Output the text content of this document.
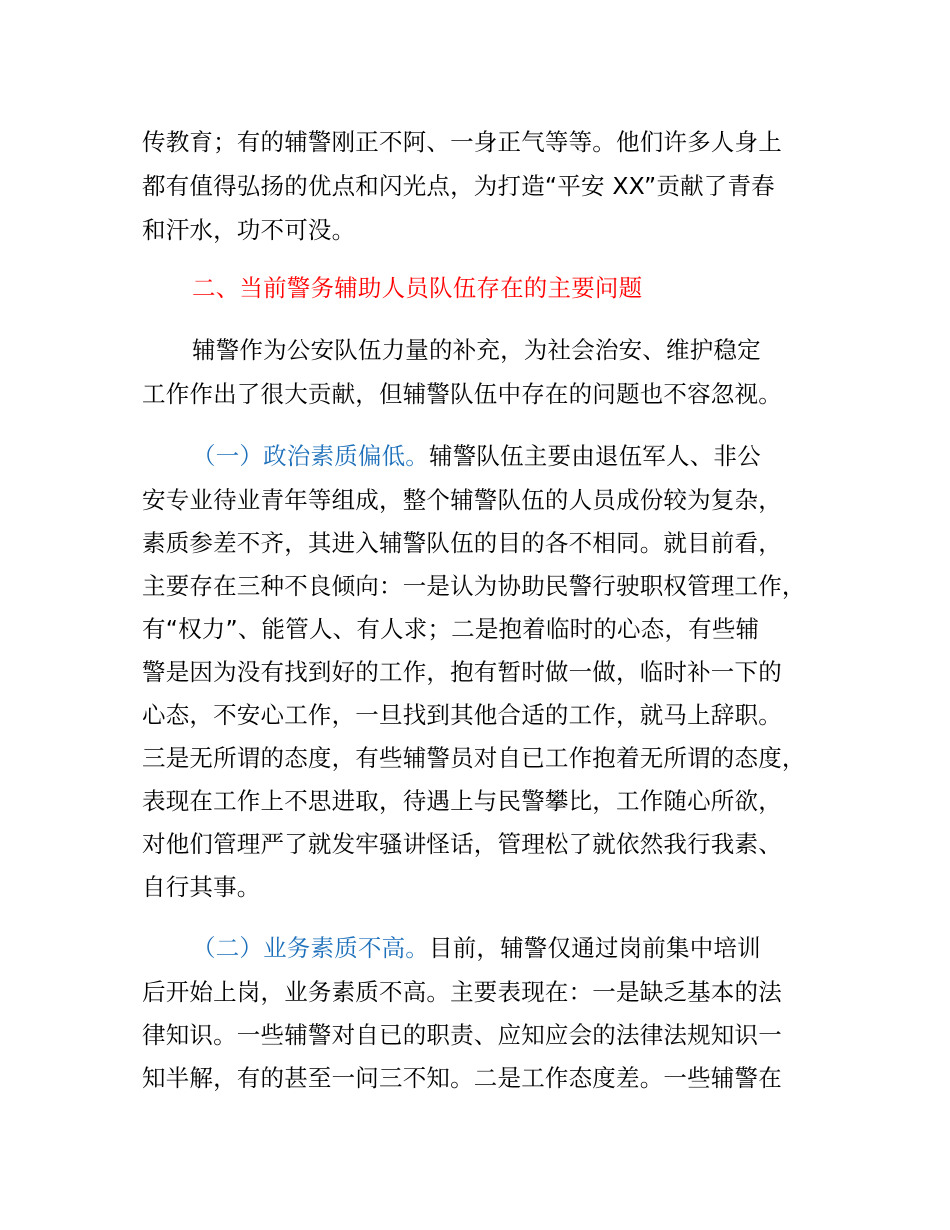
传教育；有的辅警刚正不阿、一身正气等等。他们许多人身上
都有值得弘扬的优点和闪光点，为打造“平安 XX”贡献了青春
和汗水，功不可没。
二、当前警务辅助人员队伍存在的主要问题
辅警作为公安队伍力量的补充，为社会治安、维护稳定
工作作出了很大贡献，但辅警队伍中存在的问题也不容忽视。
（一）政治素质偏低。辅警队伍主要由退伍军人、非公
安专业待业青年等组成，整个辅警队伍的人员成份较为复杂，
素质参差不齐，其进入辅警队伍的目的各不相同。就目前看，
主要存在三种不良倾向：一是认为协助民警行驶职权管理工作，
有“权力”、能管人、有人求；二是抱着临时的心态，有些辅
警是因为没有找到好的工作，抱有暂时做一做，临时补一下的
心态，不安心工作，一旦找到其他合适的工作，就马上辞职。
三是无所谓的态度，有些辅警员对自已工作抱着无所谓的态度，
表现在工作上不思进取，待遇上与民警攀比，工作随心所欲，
对他们管理严了就发牢骚讲怪话，管理松了就依然我行我素、
自行其事。
（二）业务素质不高。目前，辅警仅通过岗前集中培训
后开始上岗，业务素质不高。主要表现在：一是缺乏基本的法
律知识。一些辅警对自已的职责、应知应会的法律法规知识一
知半解，有的甚至一问三不知。二是工作态度差。一些辅警在
